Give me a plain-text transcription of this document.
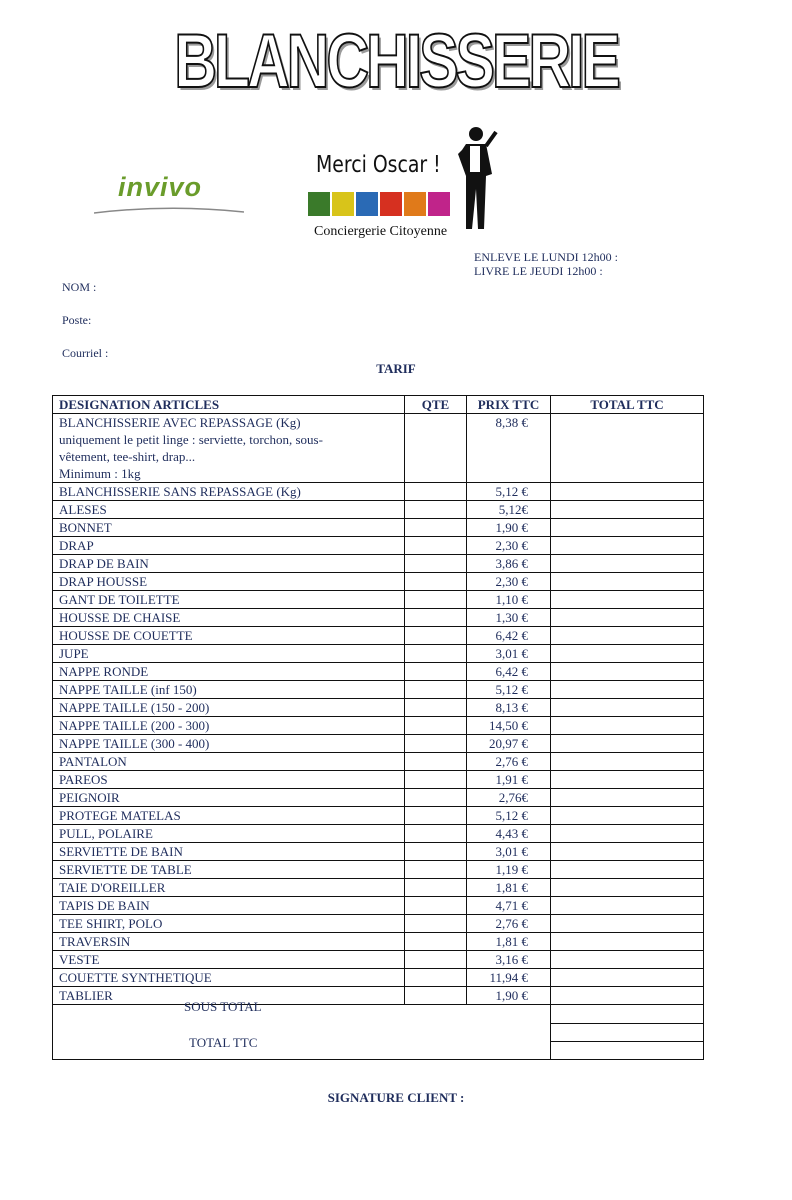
BLANCHISSERIE
invivo
Merci Oscar !
Conciergerie Citoyenne
ENLEVE LE LUNDI 12h00 :
LIVRE LE JEUDI 12h00 :
NOM :
Poste:
Courriel :
TARIF
DESIGNATION ARTICLES	QTE	PRIX TTC	TOTAL TTC

BLANCHISSERIE AVEC REPASSAGE (Kg)
uniquement le petit linge : serviette, torchon, sous-
vêtement, tee-shirt, drap...
Minimum : 1kg		8,38 €	
BLANCHISSERIE SANS REPASSAGE (Kg)		5,12 €	
ALESES		5,12€	
BONNET		1,90 €	
DRAP		2,30 €	
DRAP DE BAIN		3,86 €	
DRAP HOUSSE		2,30 €	
GANT DE TOILETTE		1,10 €	
HOUSSE DE CHAISE		1,30 €	
HOUSSE DE COUETTE		6,42 €	
JUPE		3,01 €	
NAPPE RONDE		6,42 €	
NAPPE TAILLE (inf 150)		5,12 €	
NAPPE TAILLE (150 - 200)		8,13 €	
NAPPE TAILLE (200 - 300)		14,50 €	
NAPPE TAILLE (300 - 400)		20,97 €	
PANTALON		2,76 €	
PAREOS		1,91 €	
PEIGNOIR		2,76€	
PROTEGE MATELAS		5,12 €	
PULL, POLAIRE		4,43 €	
SERVIETTE DE BAIN		3,01 €	
SERVIETTE DE TABLE		1,19 €	
TAIE D'OREILLER		1,81 €	
TAPIS DE BAIN		4,71 €	
TEE SHIRT, POLO		2,76 €	
TRAVERSIN		1,81 €	
VESTE		3,16 €	
COUETTE SYNTHETIQUE		11,94 €	
TABLIER		1,90 €	

SOUS TOTAL
TOTAL TTC
SIGNATURE CLIENT :
